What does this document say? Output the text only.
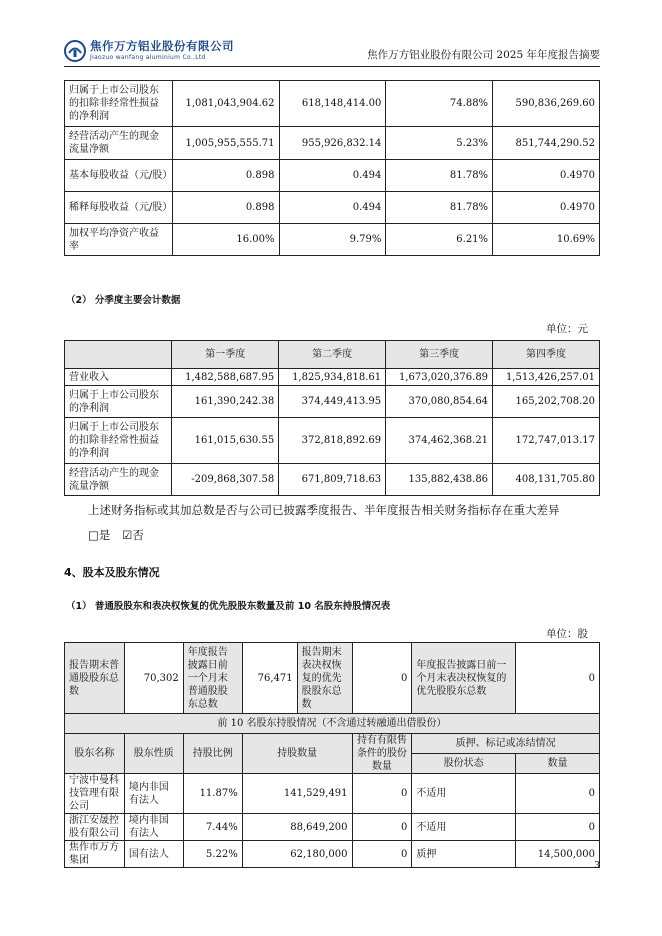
焦作万方铝业股份有限公司
Jiaozuo wanfang aluminium Co.,Ltd	焦作万方铝业股份有限公司 2025 年年度报告摘要
归属于上市公司股东的扣除非经常性损益的净利润	1,081,043,904.62	618,148,414.00	74.88%	590,836,269.60
经营活动产生的现金流量净额	1,005,955,555.71	955,926,832.14	5.23%	851,744,290.52
基本每股收益（元/股）	0.898	0.494	81.78%	0.4970
稀释每股收益（元/股）	0.898	0.494	81.78%	0.4970
加权平均净资产收益率	16.00%	9.79%	6.21%	10.69%
（2） 分季度主要会计数据
单位：元
	第一季度	第二季度	第三季度	第四季度
营业收入	1,482,588,687.95	1,825,934,818.61	1,673,020,376.89	1,513,426,257.01
归属于上市公司股东的净利润	161,390,242.38	374,449,413.95	370,080,854.64	165,202,708.20
归属于上市公司股东的扣除非经常性损益的净利润	161,015,630.55	372,818,892.69	374,462,368.21	172,747,013.17
经营活动产生的现金流量净额	-209,868,307.58	671,809,718.63	135,882,438.86	408,131,705.80
上述财务指标或其加总数是否与公司已披露季度报告、半年度报告相关财务指标存在重大差异
□是 ☑否
4、股本及股东情况
（1） 普通股股东和表决权恢复的优先股股东数量及前 10 名股东持股情况表
单位：股
报告期末普通股股东总数	70,302	年度报告披露日前一个月末普通股股东总数	76,471	报告期末表决权恢复的优先股股东总数	0	年度报告披露日前一个月末表决权恢复的优先股股东总数	0
前 10 名股东持股情况（不含通过转融通出借股份）							
股东名称	股东性质	持股比例	持股数量		持有有限售条件的股份数量	质押、标记或冻结情况	
						股份状态	数量
宁波中曼科技管理有限公司	境内非国有法人	11.87%	141,529,491		0	不适用	0
浙江安晟控股有限公司	境内非国有法人	7.44%	88,649,200		0	不适用	0
焦作市万方集团	国有法人	5.22%	62,180,000		0	质押	14,500,000
3
